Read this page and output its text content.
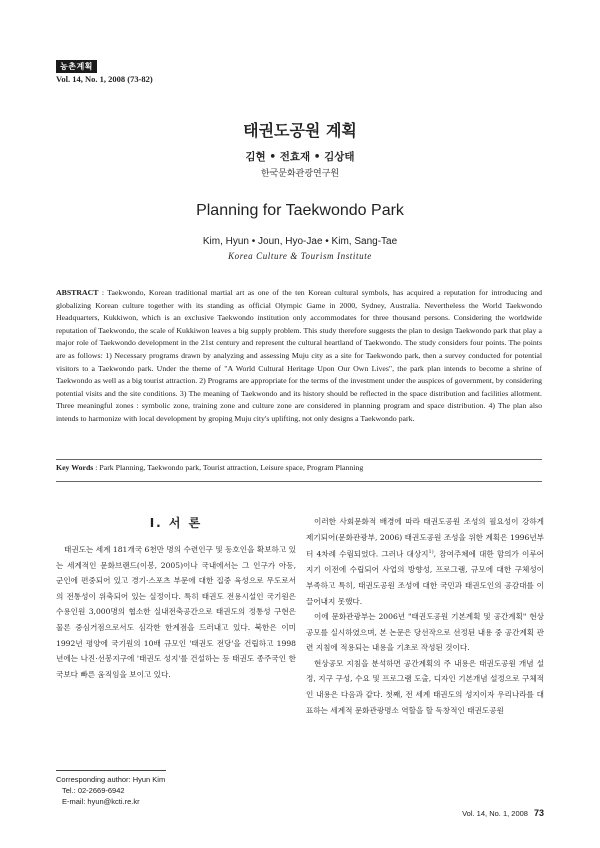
농촌계획
Vol. 14, No. 1, 2008 (73-82)
태권도공원 계획
김현 • 전효재 • 김상태
한국문화관광연구원
Planning for Taekwondo Park
Kim, Hyun • Joun, Hyo-Jae • Kim, Sang-Tae
Korea Culture & Tourism Institute
ABSTRACT : Taekwondo, Korean traditional martial art as one of the ten Korean cultural symbols, has acquired a reputation for introducing and globalizing Korean culture together with its standing as official Olympic Game in 2000, Sydney, Australia. Nevertheless the World Taekwondo Headquarters, Kukkiwon, which is an exclusive Taekwondo institution only accommodates for three thousand persons. Considering the worldwide reputation of Taekwondo, the scale of Kukkiwon leaves a big supply problem. This study therefore suggests the plan to design Taekwondo park that play a major role of Taekwondo development in the 21st century and represent the cultural heartland of Taekwondo. The study considers four points. The points are as follows: 1) Necessary programs drawn by analyzing and assessing Muju city as a site for Taekwondo park, then a survey conducted for potential visitors to a Taekwondo park. Under the theme of "A World Cultural Heritage Upon Our Own Lives", the park plan intends to become a shrine of Taekwondo as well as a big tourist attraction. 2) Programs are appropriate for the terms of the investment under the auspices of government, by considering potential visits and the site conditions. 3) The meaning of Taekwondo and its history should be reflected in the space distribution and facilities allotment. Three meaningful zones : symbolic zone, training zone and culture zone are considered in planning program and space distribution. 4) The plan also intends to harmonize with local development by groping Muju city's uplifting, not only designs a Taekwondo park.
Key Words : Park Planning, Taekwondo park, Tourist attraction, Leisure space, Program Planning
I. 서 론

태권도는 세계 181개국 6천만 명의 수련인구 및 동호인을 확보하고 있는 세계적인 문화브랜드(이봉, 2005)이나 국내에서는 그 인구가 아동, 군인에 편중되어 있고 경기·스포츠 부문에 대한 집중 육성으로 무도로서의 전통성이 위축되어 있는 실정이다. 특히 태권도 전용시설인 국기원은 수용인원 3,000명의 협소한 실내전축공간으로 태권도의 정통성 구현은 물론 중심거점으로서도 심각한 한계점을 드러내고 있다. 북한은 이미 1992년 평양에 국기원의 10배 규모인 '태권도 전당'을 건립하고 1998년에는 나진·선봉지구에 '태권도 성지'를 건설하는 등 태권도 종주국인 한국보다 빠른 움직임을 보이고 있다.

이러한 사회문화적 배경에 따라 태권도공원 조성의 필요성이 강하게 제기되어(문화관광부, 2006) 태권도공원 조성을 위한 계획은 1996년부터 4차례 수립되었다. 그러나 대상지$^{1)}$, 참여주체에 대한 합의가 이루어지기 이전에 수립되어 사업의 방향성, 프로그램, 규모에 대한 구체성이 부족하고 특히, 태권도공원 조성에 대한 국민과 태권도인의 공감대를 이끌어내지 못했다.

이에 문화관광부는 2006년 "태권도공원 기본계획 및 공간계획" 현상공모를 실시하였으며, 본 논문은 당선작으로 선정된 내용 중 공간계획 관련 지침에 적용되는 내용을 기초로 작성된 것이다.

현상공모 지침을 분석하면 공간계획의 주 내용은 태권도공원 개념 설정, 지구 구성, 수요 및 프로그램 도출, 디자인 기본개념 설정으로 구체적인 내용은 다음과 같다. 첫째, 전 세계 태권도의 성지이자 우리나라를 대표하는 세계적 문화관광명소 역할을 할 독창적인 태권도공원

Corresponding author: Hyun Kim
Tel.: 02-2669-6942
E-mail: hyun@kcti.re.kr
Vol. 14, No. 1, 2008 73
